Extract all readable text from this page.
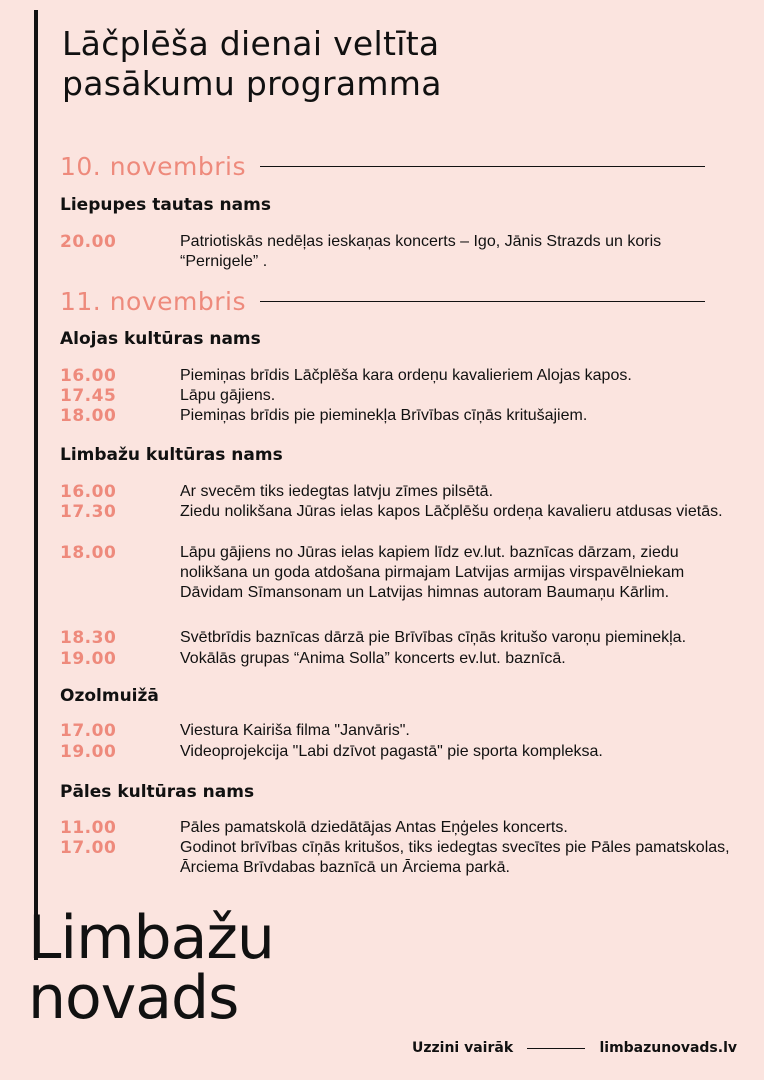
Lāčplēša dienai veltīta
pasākumu programma
10. novembris
Liepupes tautas nams
20.00	Patriotiskās nedēļas ieskaņas koncerts – Igo, Jānis Strazds un koris “Pernigele” .
11. novembris
Alojas kultūras nams
16.00	Piemiņas brīdis Lāčplēša kara ordeņu kavalieriem Alojas kapos.
17.45	Lāpu gājiens.
18.00	Piemiņas brīdis pie pieminekļa Brīvības cīņās kritušajiem.
Limbažu kultūras nams
16.00	Ar svecēm tiks iedegtas latvju zīmes pilsētā.
17.30	Ziedu nolikšana Jūras ielas kapos Lāčplēšu ordeņa kavalieru atdusas vietās.
18.00	Lāpu gājiens no Jūras ielas kapiem līdz ev.lut. baznīcas dārzam, ziedu nolikšana un goda atdošana pirmajam Latvijas armijas virspavēlniekam Dāvidam Sīmansonam un Latvijas himnas autoram Baumaņu Kārlim.
18.30	Svētbrīdis baznīcas dārzā pie Brīvības cīņās kritušo varoņu pieminekļa.
19.00	Vokālās grupas “Anima Solla” koncerts ev.lut. baznīcā.
Ozolmuižā
17.00	Viestura Kairiša filma "Janvāris".
19.00	Videoprojekcija "Labi dzīvot pagastā" pie sporta kompleksa.
Pāles kultūras nams
11.00	Pāles pamatskolā dziedātājas Antas Eņģeles koncerts.
17.00	Godinot brīvības cīņās kritušos, tiks iedegtas svecītes pie Pāles pamatskolas, Ārciema Brīvdabas baznīcā un Ārciema parkā.
Limbažu
novads
Uzzini vairāk	limbazunovads.lv
